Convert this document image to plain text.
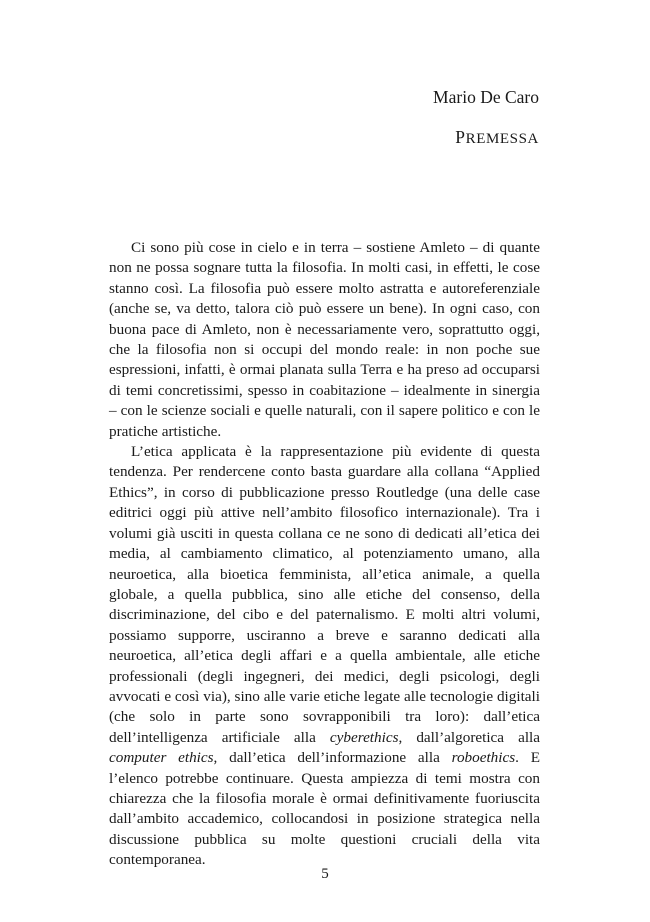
Mario De Caro
PREMESSA

Ci sono più cose in cielo e in terra – sostiene Amleto – di quante non ne possa sognare tutta la filosofia. In molti casi, in effetti, le cose stanno così. La filosofia può essere molto astratta e autoreferenziale (anche se, va detto, talora ciò può essere un bene). In ogni caso, con buona pace di Amleto, non è necessariamente vero, soprattutto oggi, che la filosofia non si occupi del mondo reale: in non poche sue espressioni, infatti, è ormai planata sulla Terra e ha preso ad occuparsi di temi concretissimi, spesso in coabitazione – idealmente in sinergia – con le scienze sociali e quelle naturali, con il sapere politico e con le pratiche artistiche.

L’etica applicata è la rappresentazione più evidente di questa tendenza. Per rendercene conto basta guardare alla collana “Applied Ethics”, in corso di pubblicazione presso Routledge (una delle case editrici oggi più attive nell’ambito filosofico internazionale). Tra i volumi già usciti in questa collana ce ne sono di dedicati all’etica dei media, al cambiamento climatico, al potenziamento umano, alla neuroetica, alla bioetica femminista, all’etica animale, a quella globale, a quella pubblica, sino alle etiche del consenso, della discriminazione, del cibo e del paternalismo. E molti altri volumi, possiamo supporre, usciranno a breve e saranno dedicati alla neuroetica, all’etica degli affari e a quella ambientale, alle etiche professionali (degli ingegneri, dei medici, degli psicologi, degli avvocati e così via), sino alle varie etiche legate alle tecnologie digitali (che solo in parte sono sovrapponibili tra loro): dall’etica dell’intelligenza artificiale alla cyberethics, dall’algoretica alla computer ethics, dall’etica dell’informazione alla roboethics. E l’elenco potrebbe continuare. Questa ampiezza di temi mostra con chiarezza che la filosofia morale è ormai definitivamente fuoriuscita dall’ambito accademico, collocandosi in posizione strategica nella discussione pubblica su molte questioni cruciali della vita contemporanea.

5
